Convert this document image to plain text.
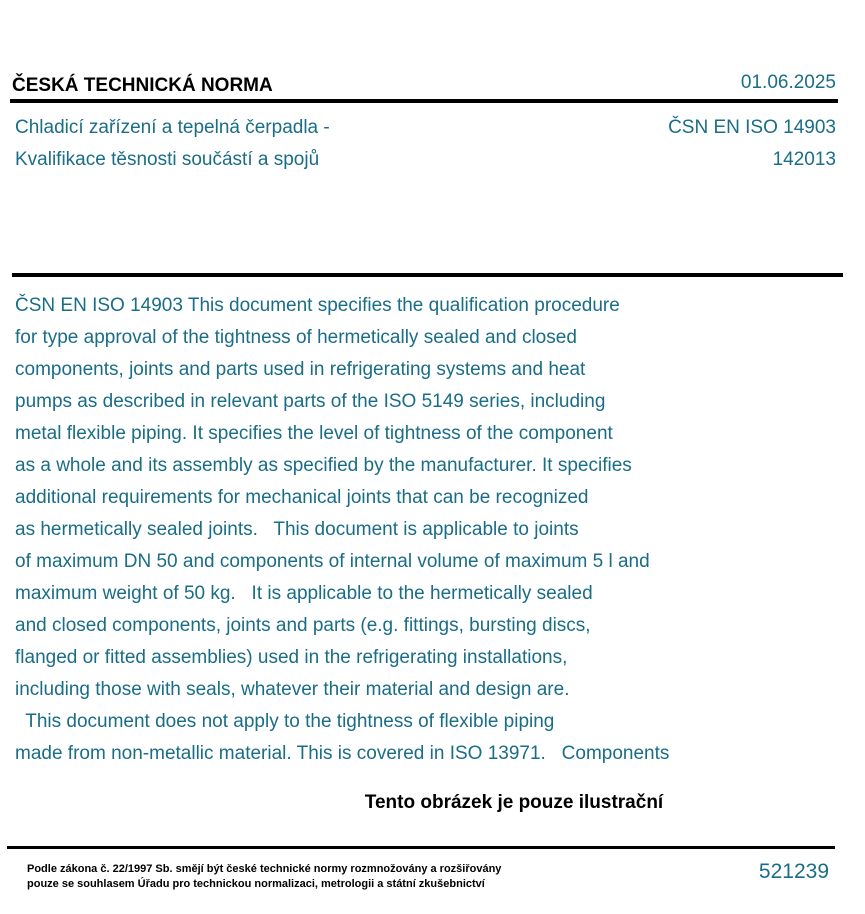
ČESKÁ TECHNICKÁ NORMA	01.06.2025
Chladicí zařízení a tepelná čerpadla -
Kvalifikace těsnosti součástí a spojů
ČSN EN ISO 14903
142013
ČSN EN ISO 14903 This document specifies the qualification procedure
for type approval of the tightness of hermetically sealed and closed
components, joints and parts used in refrigerating systems and heat
pumps as described in relevant parts of the ISO 5149 series, including
metal flexible piping. It specifies the level of tightness of the component
as a whole and its assembly as specified by the manufacturer. It specifies
additional requirements for mechanical joints that can be recognized
as hermetically sealed joints.   This document is applicable to joints
of maximum DN 50 and components of internal volume of maximum 5 l and
maximum weight of 50 kg.   It is applicable to the hermetically sealed
and closed components, joints and parts (e.g. fittings, bursting discs,
flanged or fitted assemblies) used in the refrigerating installations,
including those with seals, whatever their material and design are.
This document does not apply to the tightness of flexible piping
made from non-metallic material. This is covered in ISO 13971.   Components
Tento obrázek je pouze ilustrační
Podle zákona č. 22/1997 Sb. smějí být české technické normy rozmnožovány a rozšiřovány
pouze se souhlasem Úřadu pro technickou normalizaci, metrologii a státní zkušebnictví
521239
